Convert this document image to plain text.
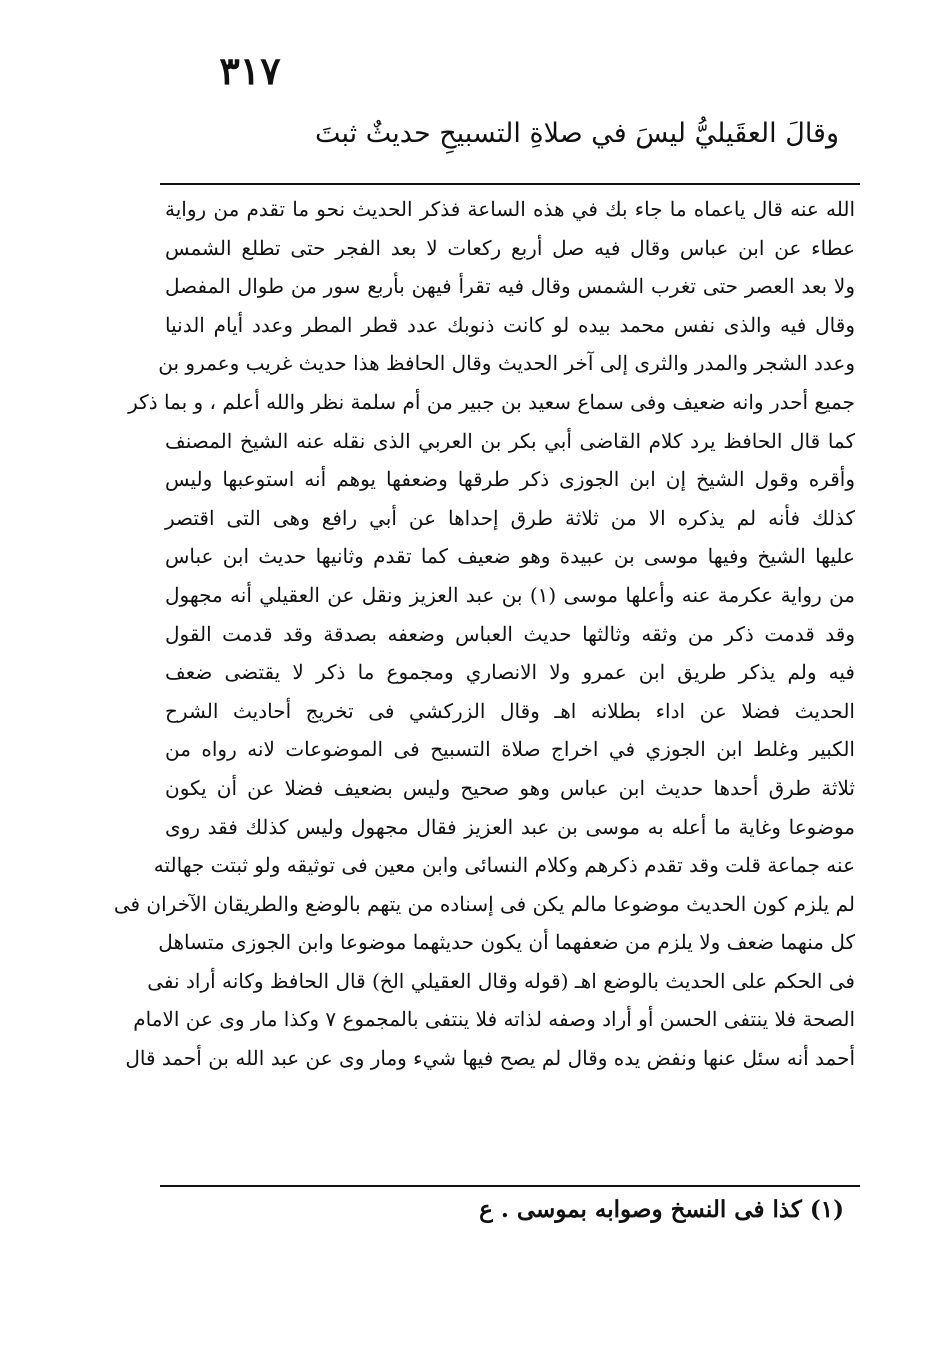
٣١٧
وقالَ العقَيليُّ ليسَ في صلاةِ التسبيحِ حديثٌ ثبتَ
الله عنه قال ياعماه ما جاء بك في هذه الساعة فذكر الحديث نحو ما تقدم من رواية
عطاء عن ابن عباس وقال فيه صل أربع ركعات لا بعد الفجر حتى تطلع الشمس
ولا بعد العصر حتى تغرب الشمس وقال فيه تقرأ فيهن بأربع سور من طوال المفصل
وقال فيه والذى نفس محمد بيده لو كانت ذنوبك عدد قطر المطر وعدد أيام الدنيا
وعدد الشجر والمدر والثرى إلى آخر الحديث وقال الحافظ هذا حديث غريب وعمرو بن
جميع أحدر وانه ضعيف وفى سماع سعيد بن جبير من أم سلمة نظر والله أعلم ، و بما ذكر
كما قال الحافظ يرد كلام القاضى أبي بكر بن العربي الذى نقله عنه الشيخ المصنف
وأقره وقول الشيخ إن ابن الجوزى ذكر طرقها وضعفها يوهم أنه استوعبها وليس
كذلك فأنه لم يذكره الا من ثلاثة طرق إحداها عن أبي رافع وهى التى اقتصر
عليها الشيخ وفيها موسى بن عبيدة وهو ضعيف كما تقدم وثانيها حديث ابن عباس
من رواية عكرمة عنه وأعلها موسى (١) بن عبد العزيز ونقل عن العقيلي أنه مجهول
وقد قدمت ذكر من وثقه وثالثها حديث العباس وضعفه بصدقة وقد قدمت القول
فيه ولم يذكر طريق ابن عمرو ولا الانصاري ومجموع ما ذكر لا يقتضى ضعف
الحديث فضلا عن اداء بطلانه اهـ وقال الزركشي فى تخريج أحاديث الشرح
الكبير وغلط ابن الجوزي في اخراج صلاة التسبيح فى الموضوعات لانه رواه من
ثلاثة طرق أحدها حديث ابن عباس وهو صحيح وليس بضعيف فضلا عن أن يكون
موضوعا وغاية ما أعله به موسى بن عبد العزيز فقال مجهول وليس كذلك فقد روى
عنه جماعة قلت وقد تقدم ذكرهم وكلام النسائى وابن معين فى توثيقه ولو ثبتت جهالته
لم يلزم كون الحديث موضوعا مالم يكن فى إسناده من يتهم بالوضع والطريقان الآخران فى
كل منهما ضعف ولا يلزم من ضعفهما أن يكون حديثهما موضوعا وابن الجوزى متساهل
فى الحكم على الحديث بالوضع اهـ (قوله وقال العقيلي الخ) قال الحافظ وكانه أراد نفى
الصحة فلا ينتفى الحسن أو أراد وصفه لذاته فلا ينتفى بالمجموع ٧ وكذا مار وى عن الامام
أحمد أنه سئل عنها ونفض يده وقال لم يصح فيها شيء ومار وى عن عبد الله بن أحمد قال
(١) كذا فى النسخ وصوابه بموسى . ع
